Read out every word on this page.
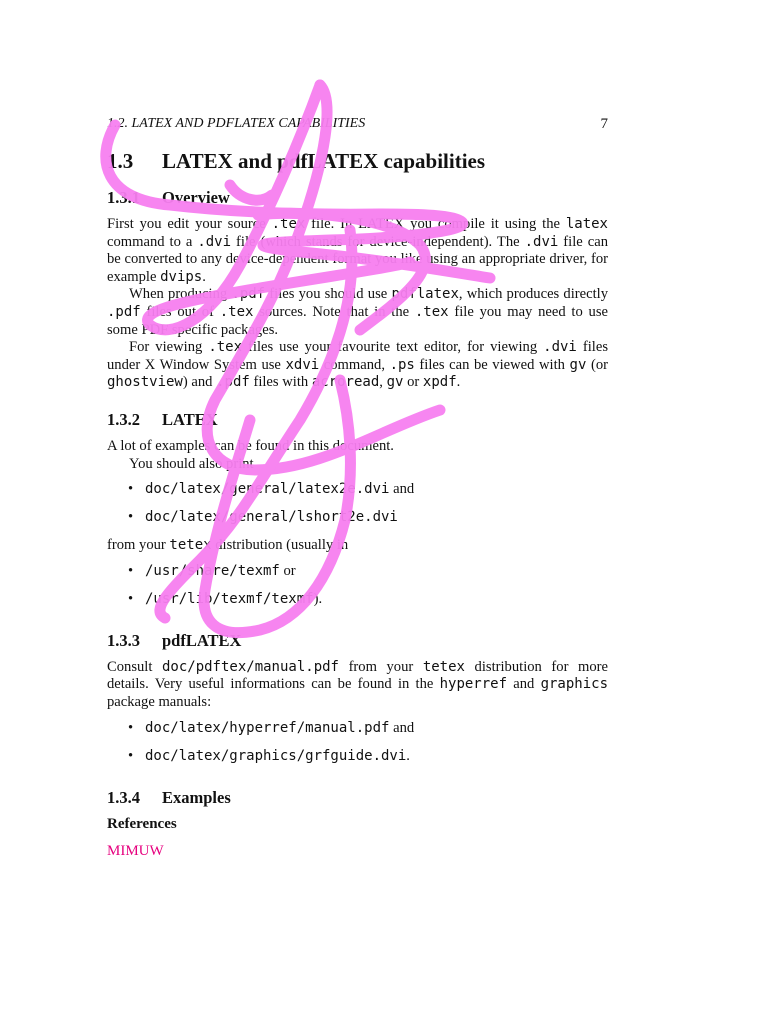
1.2. LATEX AND PDFLATEX CAPABILITIES	7
1.3 LATEX and pdfLATEX capabilities
1.3.1 Overview

First you edit your source .tex file. In LATEX you compile it using the latex command to a .dvi file (which stands for device-independent). The .dvi file can be converted to any device-dependent format you like using an appropriate driver, for example dvips.

When producing .pdf files you should use pdflatex, which produces directly .pdf files out of .tex sources. Note that in the .tex file you may need to use some PDF specific packages.

For viewing .tex files use your favourite text editor, for viewing .dvi files under X Window System use xdvi command, .ps files can be viewed with gv (or ghostview) and .pdf files with acroread, gv or xpdf.

1.3.2 LATEX

A lot of examples can be found in this document.

You should also print

• doc/latex/general/latex2e.dvi and
• doc/latex/general/lshort2e.dvi

from your tetex distribution (usually in

• /usr/share/texmf or
• /usr/lib/texmf/texmf).
1.3.3 pdfLATEX

Consult doc/pdftex/manual.pdf from your tetex distribution for more details. Very useful informations can be found in the hyperref and graphics package manuals:

• doc/latex/hyperref/manual.pdf and
• doc/latex/graphics/grfguide.dvi.
1.3.4 Examples
References
MIMUW
